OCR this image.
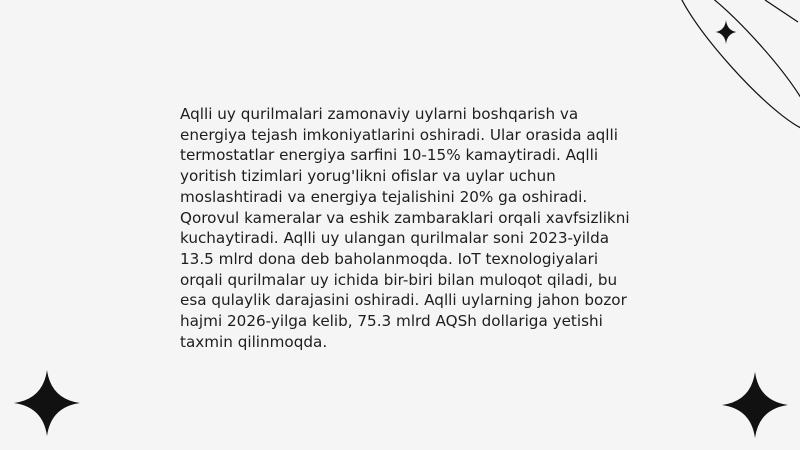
Aqlli uy qurilmalari zamonaviy uylarni boshqarish va energiya tejash imkoniyatlarini oshiradi. Ular orasida aqlli termostatlar energiya sarfini 10-15% kamaytiradi. Aqlli yoritish tizimlari yorug'likni ofislar va uylar uchun moslashtiradi va energiya tejalishini 20% ga oshiradi. Qorovul kameralar va eshik zambaraklari orqali xavfsizlikni kuchaytiradi. Aqlli uy ulangan qurilmalar soni 2023-yilda 13.5 mlrd dona deb baholanmoqda. IoT texnologiyalari orqali qurilmalar uy ichida bir-biri bilan muloqot qiladi, bu esa qulaylik darajasini oshiradi. Aqlli uylarning jahon bozor hajmi 2026-yilga kelib, 75.3 mlrd AQSh dollariga yetishi taxmin qilinmoqda.
